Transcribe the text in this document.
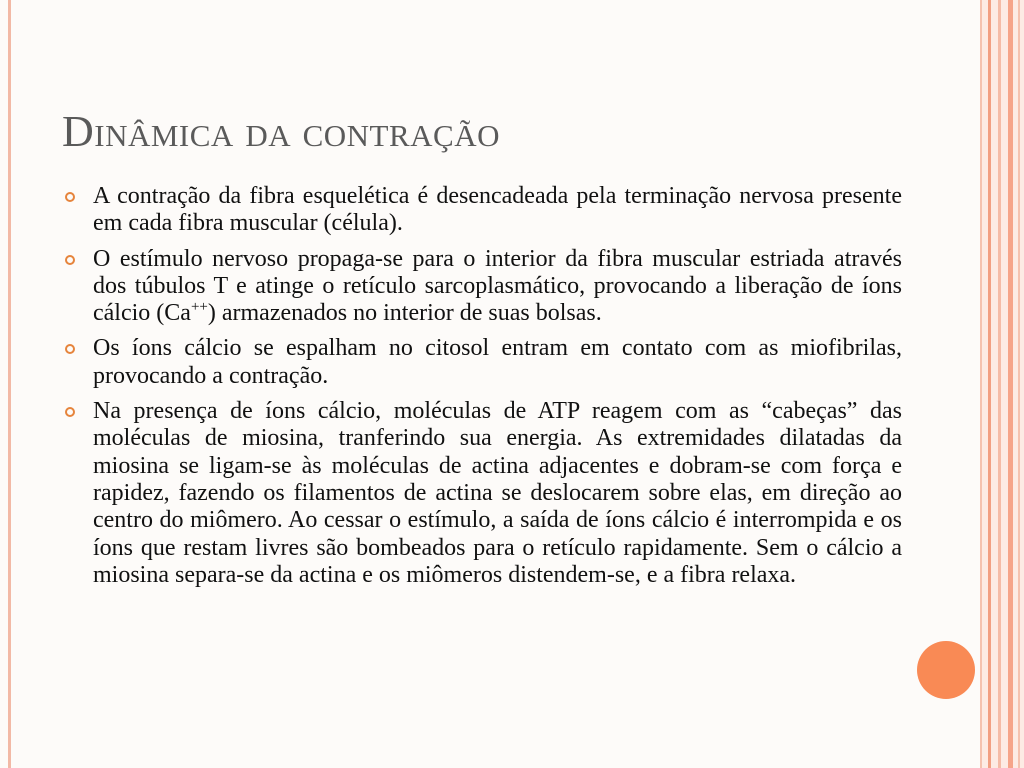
Dinâmica da contração

A contração da fibra esquelética é desencadeada pela terminação nervosa presente em cada fibra muscular (célula).

O estímulo nervoso propaga-se para o interior da fibra muscular estriada através dos túbulos T e atinge o retículo sarcoplasmático, provocando a liberação de íons cálcio (Ca++) armazenados no interior de suas bolsas.

Os íons cálcio se espalham no citosol entram em contato com as miofibrilas, provocando a contração.

Na presença de íons cálcio, moléculas de ATP reagem com as “cabeças” das moléculas de miosina, tranferindo sua energia. As extremidades dilatadas da miosina se ligam-se às moléculas de actina adjacentes e dobram-se com força e rapidez, fazendo os filamentos de actina se deslocarem sobre elas, em direção ao centro do miômero. Ao cessar o estímulo, a saída de íons cálcio é interrompida e os íons que restam livres são bombeados para o retículo rapidamente. Sem o cálcio a miosina separa-se da actina e os miômeros distendem-se, e a fibra relaxa.
